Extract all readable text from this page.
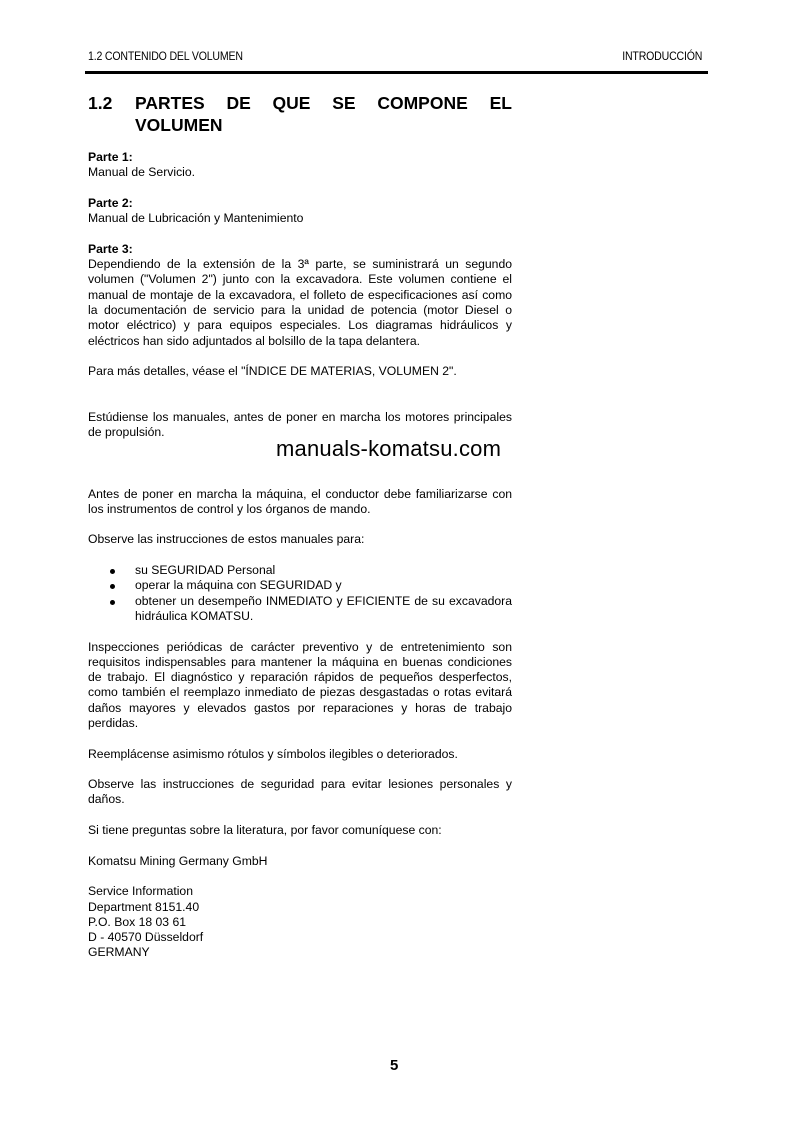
1.2 CONTENIDO DEL VOLUMEN	INTRODUCCIÓN
1.2	PARTES DE QUE SE COMPONE EL
VOLUMEN

Parte 1:

Manual de Servicio.

Parte 2:

Manual de Lubricación y Mantenimiento

Parte 3:

Dependiendo de la extensión de la 3ª parte, se suministrará un segundo volumen ("Volumen 2") junto con la excavadora. Este volumen contiene el manual de montaje de la excavadora, el folleto de especificaciones así como la documentación de servicio para la unidad de potencia (motor Diesel o motor eléctrico) y para equipos especiales. Los diagramas hidráulicos y eléctricos han sido adjuntados al bolsillo de la tapa delantera.

Para más detalles, véase el "ÍNDICE DE MATERIAS, VOLUMEN 2".

Estúdiense los manuales, antes de poner en marcha los motores principales de propulsión.

Antes de poner en marcha la máquina, el conductor debe familiarizarse con los instrumentos de control y los órganos de mando.

Observe las instrucciones de estos manuales para:

su SEGURIDAD Personal
operar la máquina con SEGURIDAD y
obtener un desempeño INMEDIATO y EFICIENTE de su excavadora hidráulica KOMATSU.

Inspecciones periódicas de carácter preventivo y de entretenimiento son requisitos indispensables para mantener la máquina en buenas condiciones de trabajo. El diagnóstico y reparación rápidos de pequeños desperfectos, como también el reemplazo inmediato de piezas desgastadas o rotas evitará daños mayores y elevados gastos por reparaciones y horas de trabajo perdidas.

Reemplácense asimismo rótulos y símbolos ilegibles o deteriorados.

Observe las instrucciones de seguridad para evitar lesiones personales y daños.

Si tiene preguntas sobre la literatura, por favor comuníquese con:

Komatsu Mining Germany GmbH

Service Information

Department 8151.40

P.O. Box 18 03 61

D - 40570 Düsseldorf

GERMANY

manuals-komatsu.com
5
